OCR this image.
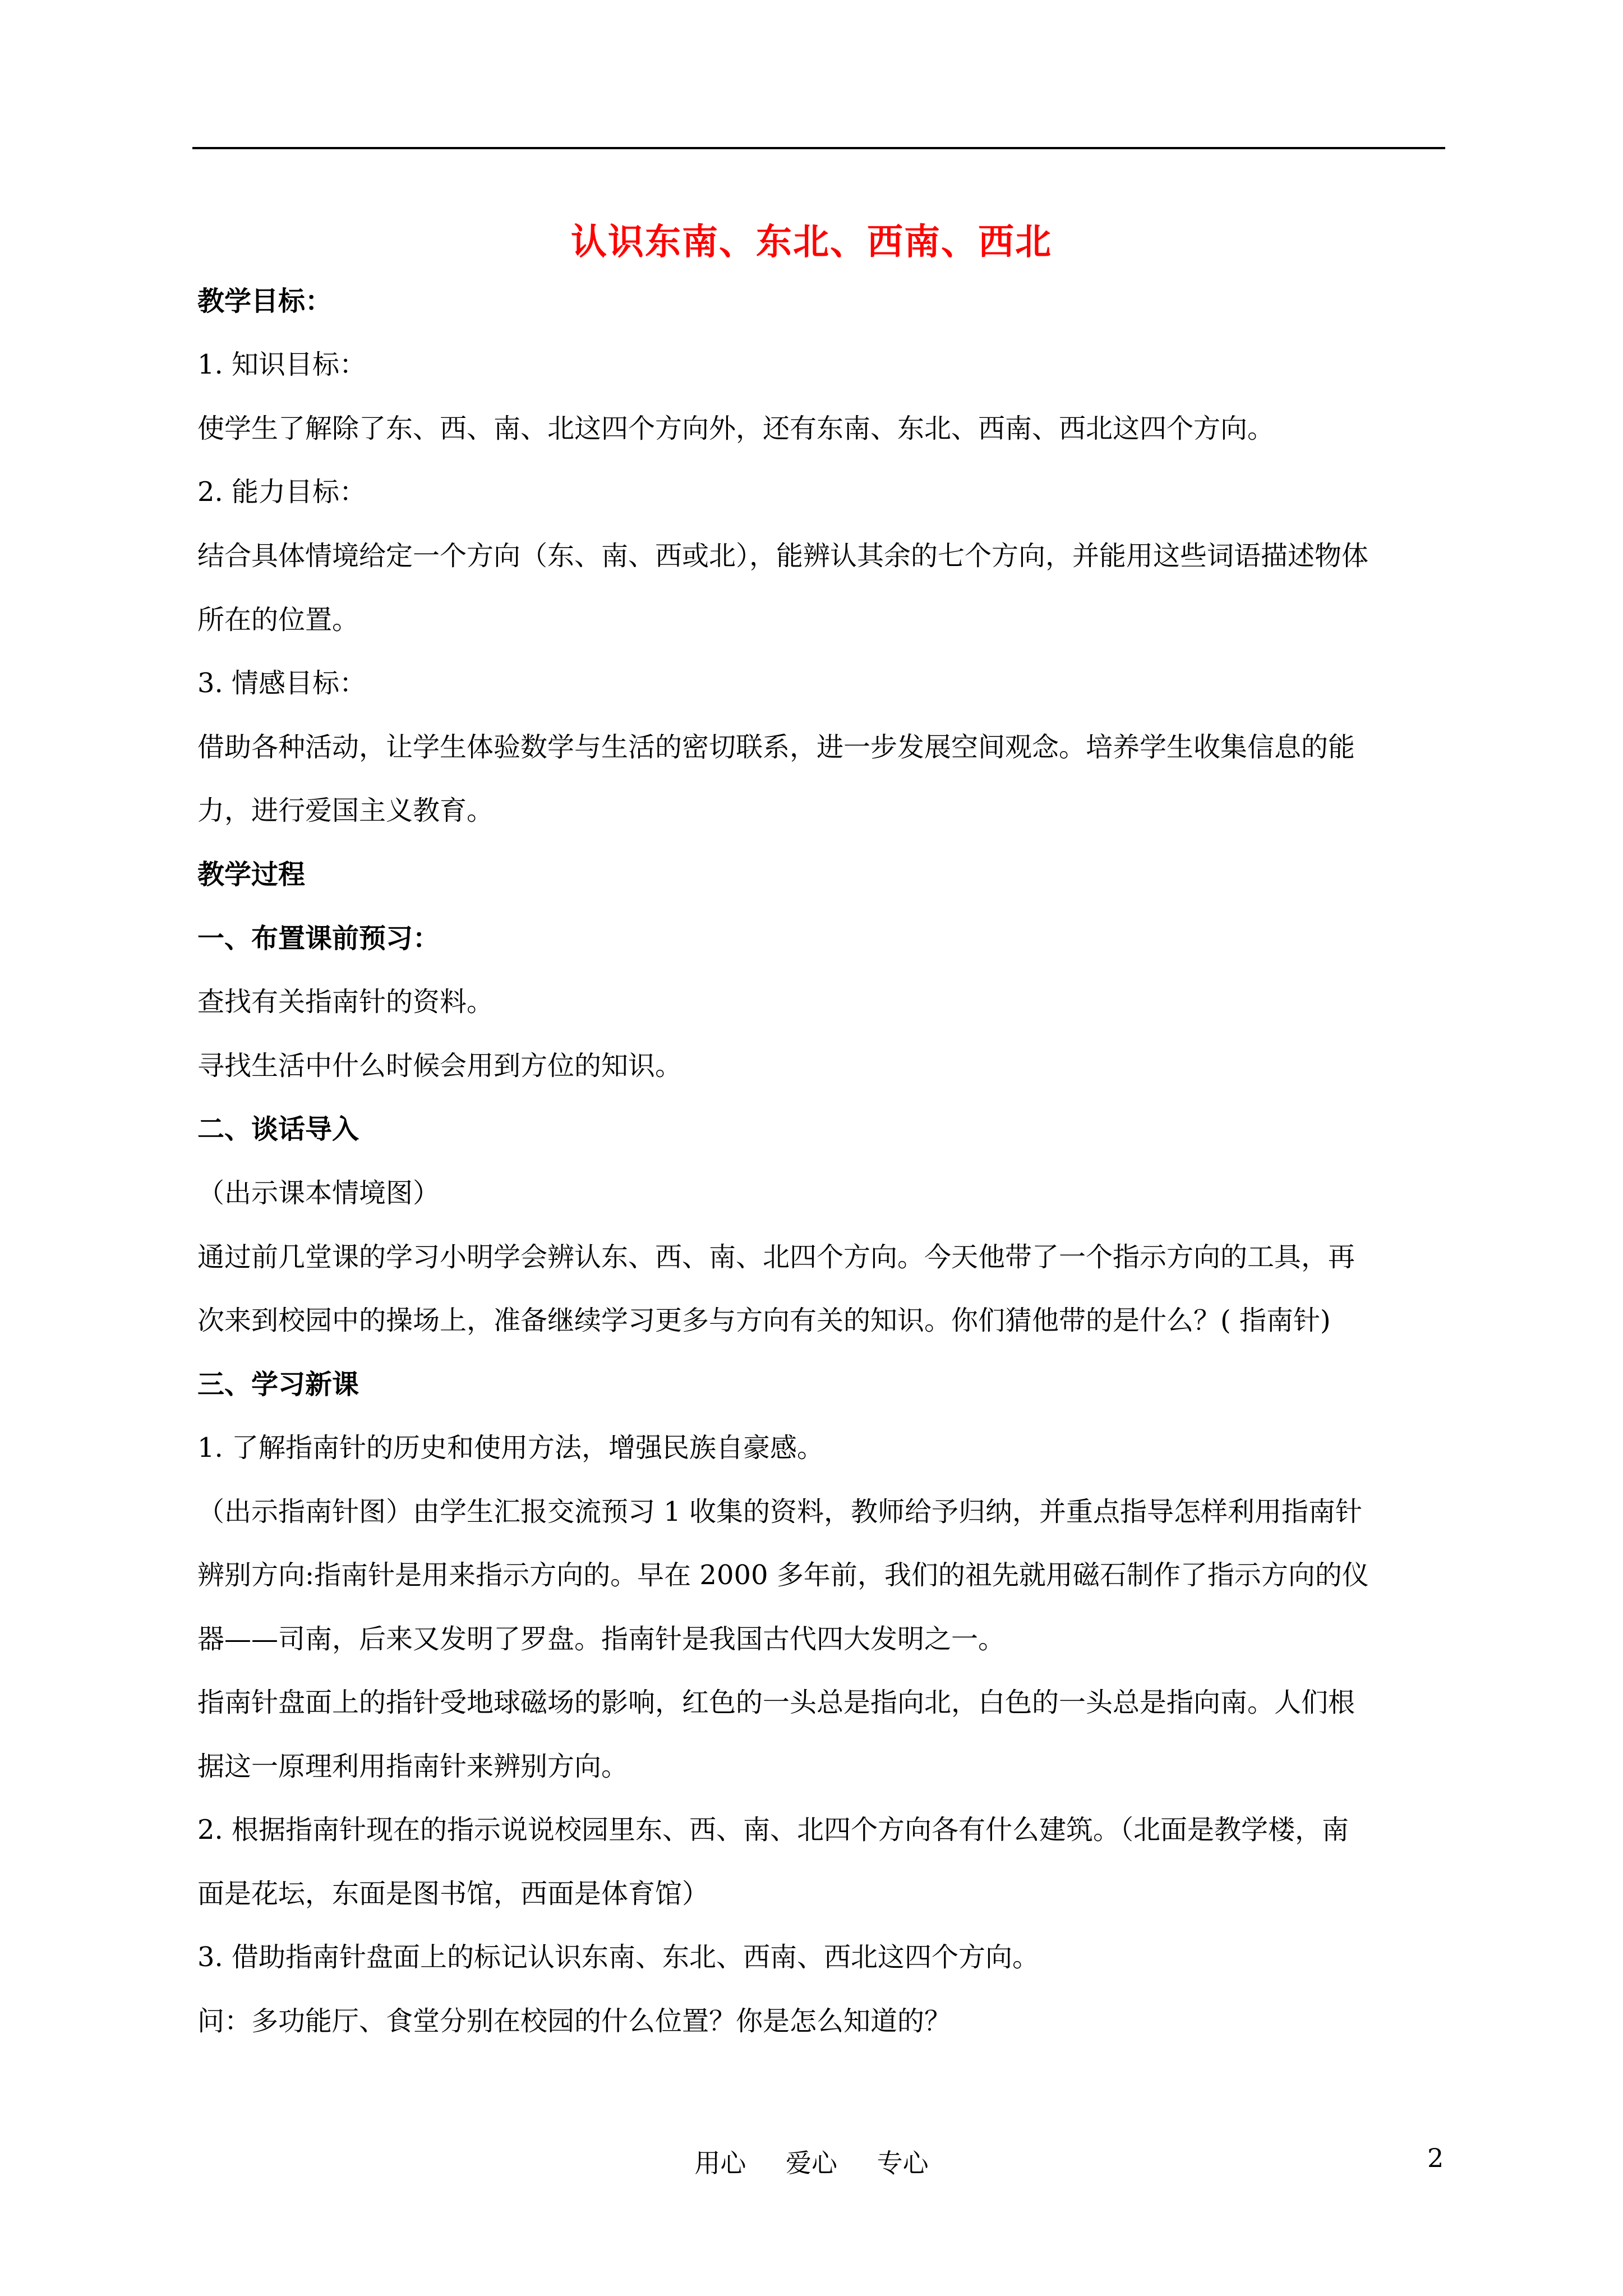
认识东南、东北、西南、西北
教学目标：
1. 知识目标：
使学生了解除了东、西、南、北这四个方向外，还有东南、东北、西南、西北这四个方向。
2. 能力目标：
结合具体情境给定一个方向（东、南、西或北），能辨认其余的七个方向，并能用这些词语描述物体
所在的位置。
3. 情感目标：
借助各种活动，让学生体验数学与生活的密切联系，进一步发展空间观念。培养学生收集信息的能
力，进行爱国主义教育。
教学过程
一、布置课前预习：
查找有关指南针的资料。
寻找生活中什么时候会用到方位的知识。
二、谈话导入
（出示课本情境图）
通过前几堂课的学习小明学会辨认东、西、南、北四个方向。今天他带了一个指示方向的工具，再
次来到校园中的操场上，准备继续学习更多与方向有关的知识。你们猜他带的是什么？( 指南针)
三、学习新课
1. 了解指南针的历史和使用方法，增强民族自豪感。
（出示指南针图）由学生汇报交流预习 1 收集的资料，教师给予归纳，并重点指导怎样利用指南针
辨别方向:指南针是用来指示方向的。早在 2000 多年前，我们的祖先就用磁石制作了指示方向的仪
器——司南，后来又发明了罗盘。指南针是我国古代四大发明之一。
指南针盘面上的指针受地球磁场的影响，红色的一头总是指向北，白色的一头总是指向南。人们根
据这一原理利用指南针来辨别方向。
2. 根据指南针现在的指示说说校园里东、西、南、北四个方向各有什么建筑。（北面是教学楼，南
面是花坛，东面是图书馆，西面是体育馆）
3. 借助指南针盘面上的标记认识东南、东北、西南、西北这四个方向。
问：多功能厅、食堂分别在校园的什么位置？你是怎么知道的？
用心 爱心 专心	2
